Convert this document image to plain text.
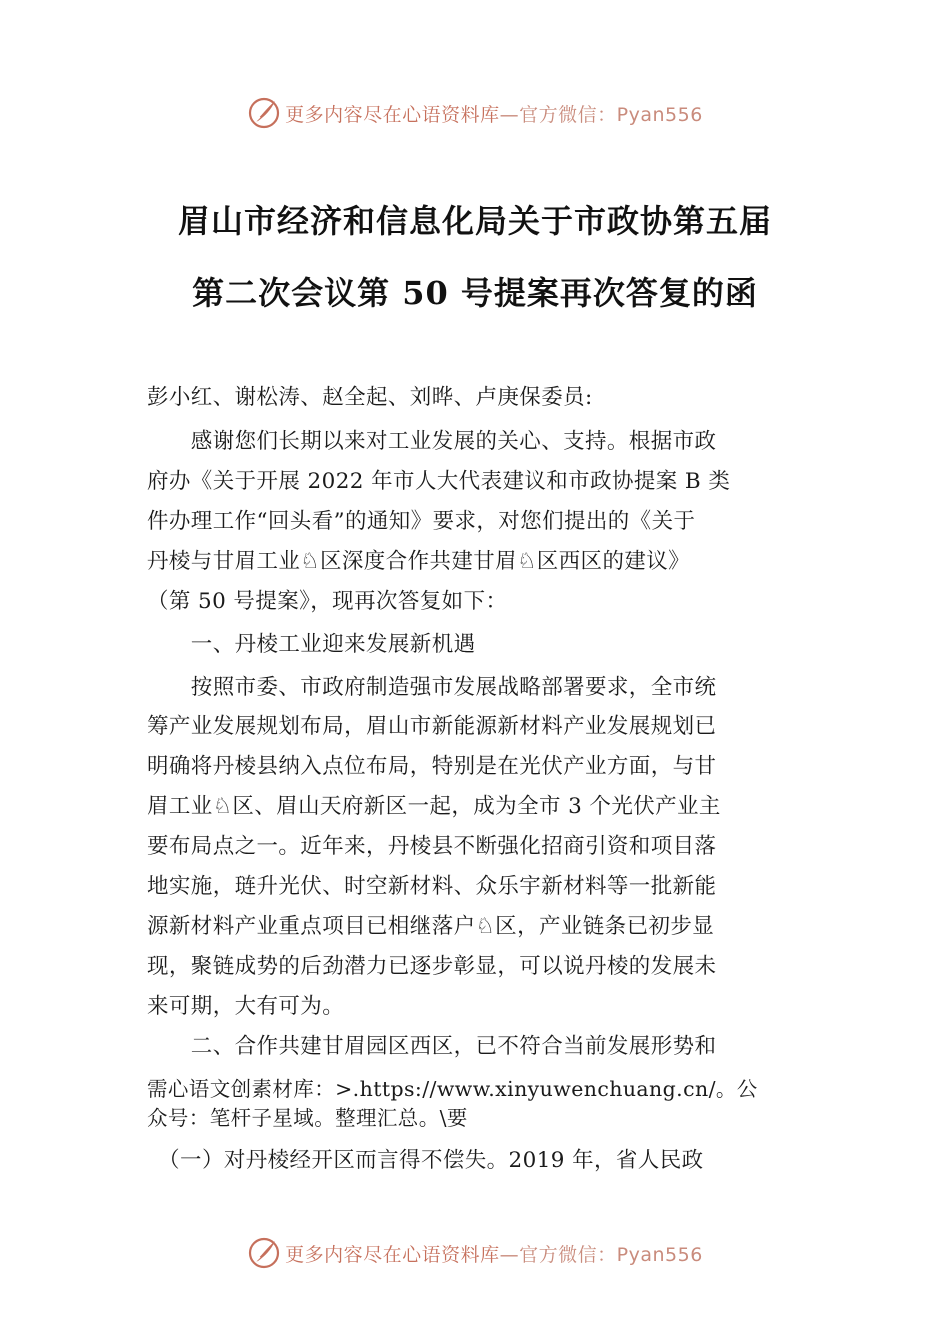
更多内容尽在心语资料库 —官方微信：Pyan556
眉山市经济和信息化局关于市政协第五届
第二次会议第 50 号提案再次答复的函
彭小红、谢松涛、赵全起、刘晔、卢庚保委员:
　　感谢您们长期以来对工业发展的关心、支持。根据市政
府办《关于开展 2022 年市人大代表建议和市政协提案 B 类
件办理工作“回头看”的通知》要求，对您们提出的《关于
丹棱与甘眉工业♘区深度合作共建甘眉♘区西区的建议》
（第 50 号提案》，现再次答复如下：
　　一、丹棱工业迎来发展新机遇
　　按照市委、市政府制造强市发展战略部署要求，全市统
筹产业发展规划布局，眉山市新能源新材料产业发展规划已
明确将丹棱县纳入点位布局，特别是在光伏产业方面，与甘
眉工业♘区、眉山天府新区一起，成为全市 3 个光伏产业主
要布局点之一。近年来，丹棱县不断强化招商引资和项目落
地实施，琏升光伏、时空新材料、众乐宇新材料等一批新能
源新材料产业重点项目已相继落户♘区，产业链条已初步显
现，聚链成势的后劲潜力已逐步彰显，可以说丹棱的发展未
来可期，大有可为。
　　二、合作共建甘眉园区西区，已不符合当前发展形势和
需心语文创素材库：>.https://www.xinyuwenchuang.cn/。公
众号：笔杆子星域。整理汇总。\要
　（一）对丹棱经开区而言得不偿失。2019 年，省人民政
更多内容尽在心语资料库 —官方微信：Pyan556
